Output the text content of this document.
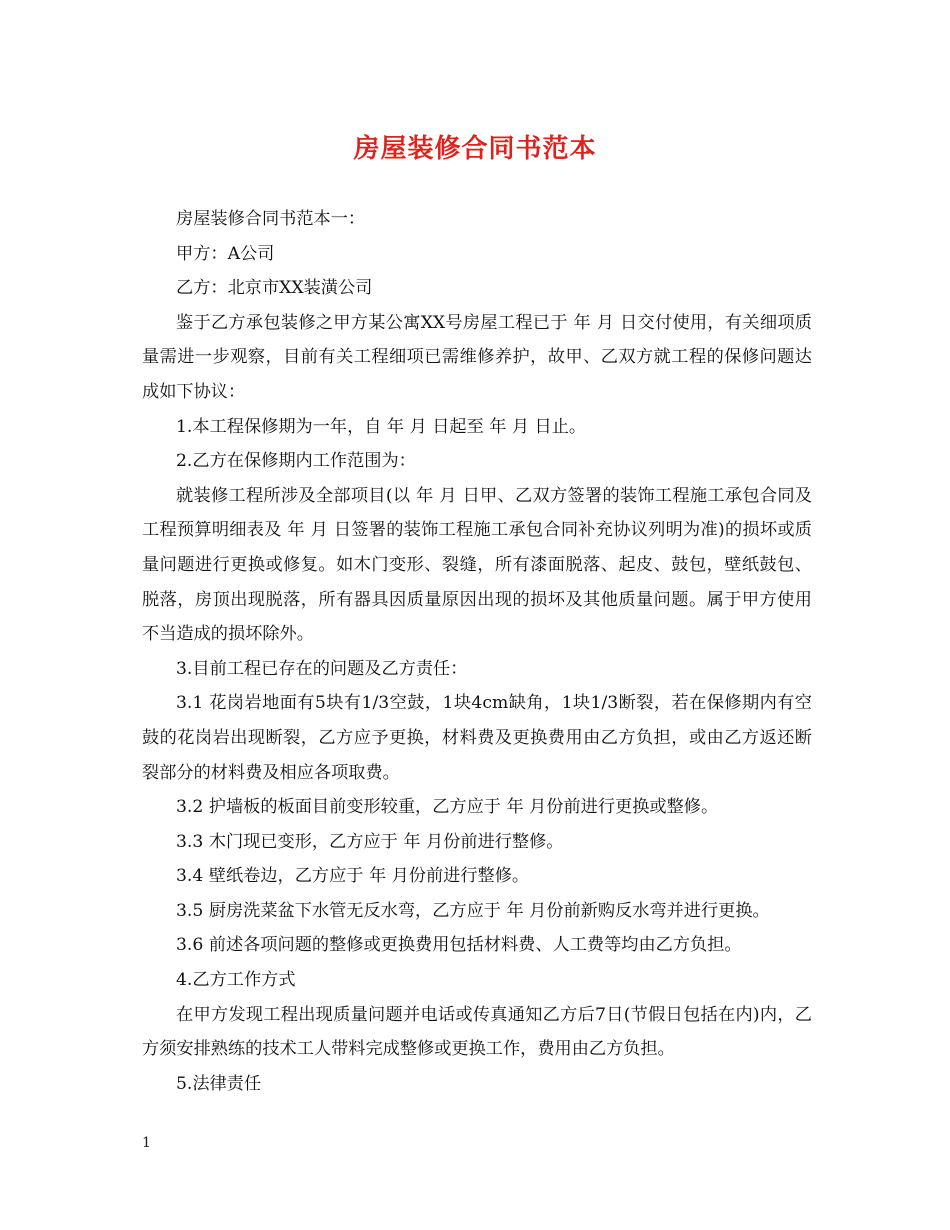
房屋装修合同书范本

房屋装修合同书范本一：

甲方：A公司

乙方：北京市XX装潢公司

鉴于乙方承包装修之甲方某公寓XX号房屋工程已于 年 月 日交付使用，有关细项质量需进一步观察，目前有关工程细项已需维修养护，故甲、乙双方就工程的保修问题达成如下协议：

1.本工程保修期为一年，自 年 月 日起至 年 月 日止。

2.乙方在保修期内工作范围为：

就装修工程所涉及全部项目(以 年 月 日甲、乙双方签署的装饰工程施工承包合同及工程预算明细表及 年 月 日签署的装饰工程施工承包合同补充协议列明为准)的损坏或质量问题进行更换或修复。如木门变形、裂缝，所有漆面脱落、起皮、鼓包，壁纸鼓包、脱落，房顶出现脱落，所有器具因质量原因出现的损坏及其他质量问题。属于甲方使用不当造成的损坏除外。

3.目前工程已存在的问题及乙方责任：

3.1 花岗岩地面有5块有1/3空鼓，1块4cm缺角，1块1/3断裂，若在保修期内有空鼓的花岗岩出现断裂，乙方应予更换，材料费及更换费用由乙方负担，或由乙方返还断裂部分的材料费及相应各项取费。

3.2 护墙板的板面目前变形较重，乙方应于 年 月份前进行更换或整修。

3.3 木门现已变形，乙方应于 年 月份前进行整修。

3.4 壁纸卷边，乙方应于 年 月份前进行整修。

3.5 厨房洗菜盆下水管无反水弯，乙方应于 年 月份前新购反水弯并进行更换。

3.6 前述各项问题的整修或更换费用包括材料费、人工费等均由乙方负担。

4.乙方工作方式

在甲方发现工程出现质量问题并电话或传真通知乙方后7日(节假日包括在内)内，乙方须安排熟练的技术工人带料完成整修或更换工作，费用由乙方负担。

5.法律责任

1
